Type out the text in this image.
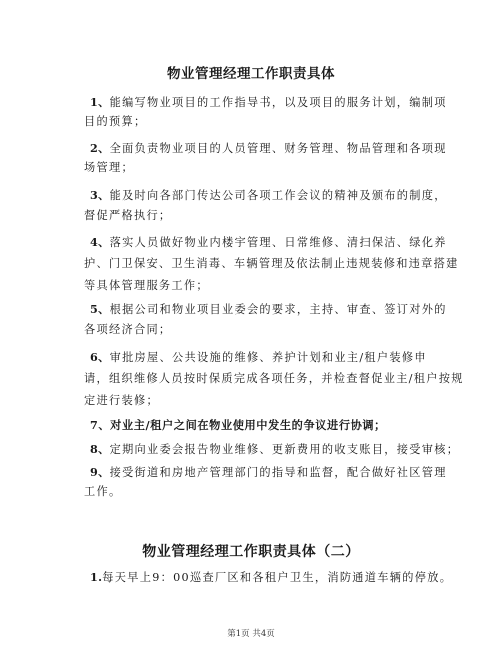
物业管理经理工作职责具体
1、能编写物业项目的工作指导书，以及项目的服务计划，编制项
目的预算；
2、全面负责物业项目的人员管理、财务管理、物品管理和各项现
场管理；
3、能及时向各部门传达公司各项工作会议的精神及颁布的制度，
督促严格执行；
4、落实人员做好物业内楼宇管理、日常维修、清扫保洁、绿化养
护、门卫保安、卫生消毒、车辆管理及依法制止违规装修和违章搭建
等具体管理服务工作；
5、根据公司和物业项目业委会的要求，主持、审查、签订对外的
各项经济合同；
6、审批房屋、公共设施的维修、养护计划和业主/租户装修申
请，组织维修人员按时保质完成各项任务，并检查督促业主/租户按规
定进行装修；
7、对业主/租户之间在物业使用中发生的争议进行协调；
8、定期向业委会报告物业维修、更新费用的收支账目，接受审核；
9、接受街道和房地产管理部门的指导和监督，配合做好社区管理
工作。
物业管理经理工作职责具体（二）
1.每天早上9：00巡查厂区和各租户卫生，消防通道车辆的停放。
第1页 共4页
